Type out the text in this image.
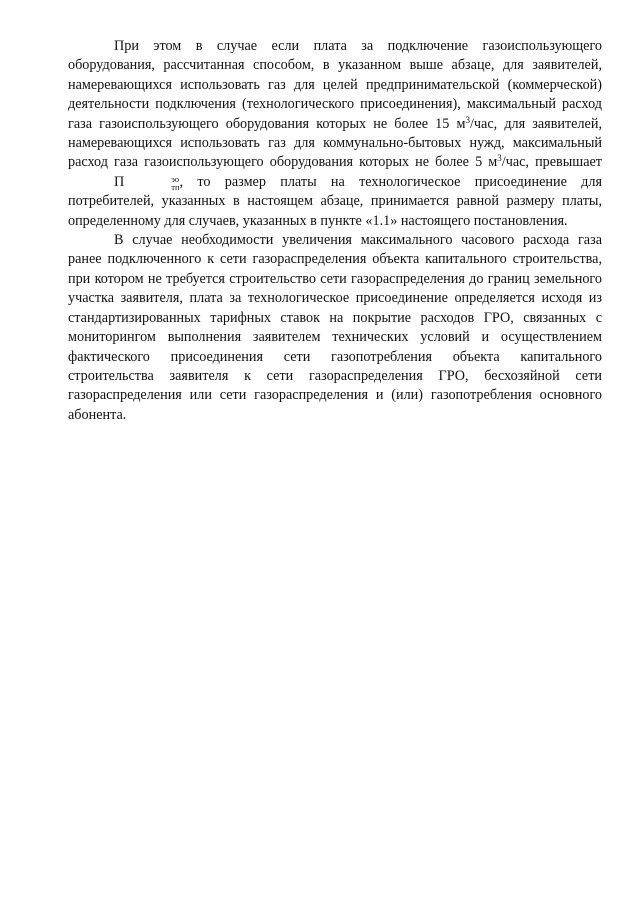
При этом в случае если плата за подключение газоиспользующего оборудования, рассчитанная способом, в указанном выше абзаце, для заявителей, намеревающихся использовать газ для целей предпринимательской (коммерческой) деятельности подключения (технологического присоединения), максимальный расход газа газоиспользующего оборудования которых не более 15 $м^3$/час, для заявителей, намеревающихся использовать газ для коммунально-бытовых нужд, максимальный расход газа газоиспользующего оборудования которых не более 5 $м^3$/час, превышает П	эо
тп , то размер платы на технологическое присоединение для потребителей, указанных в настоящем абзаце, принимается равной размеру платы, определенному для случаев, указанных в пункте «1.1» настоящего постановления.

В случае необходимости увеличения максимального часового расхода газа ранее подключенного к сети газораспределения объекта капитального строительства, при котором не требуется строительство сети газораспределения до границ земельного участка заявителя, плата за технологическое присоединение определяется исходя из стандартизированных тарифных ставок на покрытие расходов ГРО, связанных с мониторингом выполнения заявителем технических условий и осуществлением фактического присоединения сети газопотребления объекта капитального строительства заявителя к сети газораспределения ГРО, бесхозяйной сети газораспределения или сети газораспределения и (или) газопотребления основного абонента.
